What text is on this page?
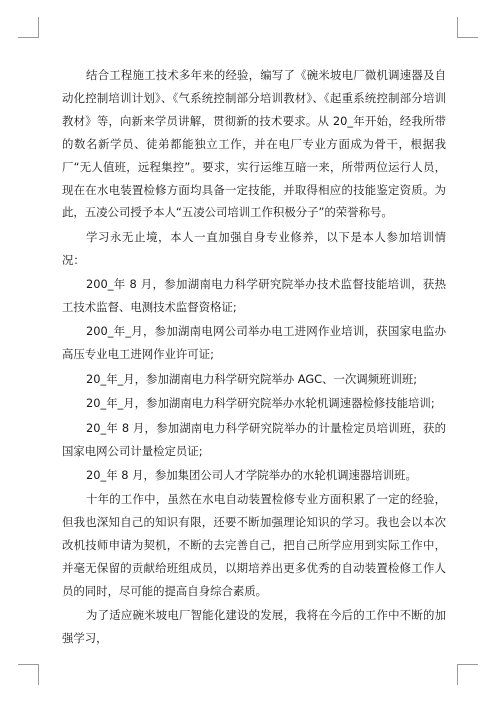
结合工程施工技术多年来的经验，编写了《碗米坡电厂微机调速器及自动化控制培训计划》、《气系统控制部分培训教材》、《起重系统控制部分培训教材》等，向新来学员讲解，贯彻新的技术要求。从 20_年开始，经我所带的数名新学员、徒弟都能独立工作，并在电厂专业方面成为骨干，根据我厂“无人值班，远程集控”。要求，实行运维互暗一来，所带两位运行人员，现在在水电装置检修方面均具备一定技能，并取得相应的技能鉴定资质。为此，五凌公司授予本人“五凌公司培训工作积极分子”的荣誉称号。

学习永无止境，本人一直加强自身专业修养，以下是本人参加培训情况：

200_年 8 月，参加湖南电力科学研究院举办技术监督技能培训，获热工技术监督、电测技术监督资格证;

200_年_月，参加湖南电网公司举办电工进网作业培训，获国家电监办高压专业电工进网作业许可证;

20_年_月，参加湖南电力科学研究院举办 AGC、一次调频班训班;

20_年_月，参加湖南电力科学研究院举办水轮机调速器检修技能培训;

20_年 8 月，参加湖南电力科学研究院举办的计量检定员培训班，获的国家电网公司计量检定员证;

20_年 8 月，参加集团公司人才学院举办的水轮机调速器培训班。

十年的工作中，虽然在水电自动装置检修专业方面积累了一定的经验，但我也深知自己的知识有限，还要不断加强理论知识的学习。我也会以本次改机技师申请为契机，不断的去完善自己，把自己所学应用到实际工作中，并毫无保留的贡献给班组成员，以期培养出更多优秀的自动装置检修工作人员的同时，尽可能的提高自身综合素质。

为了适应碗米坡电厂智能化建设的发展，我将在今后的工作中不断的加强学习，
